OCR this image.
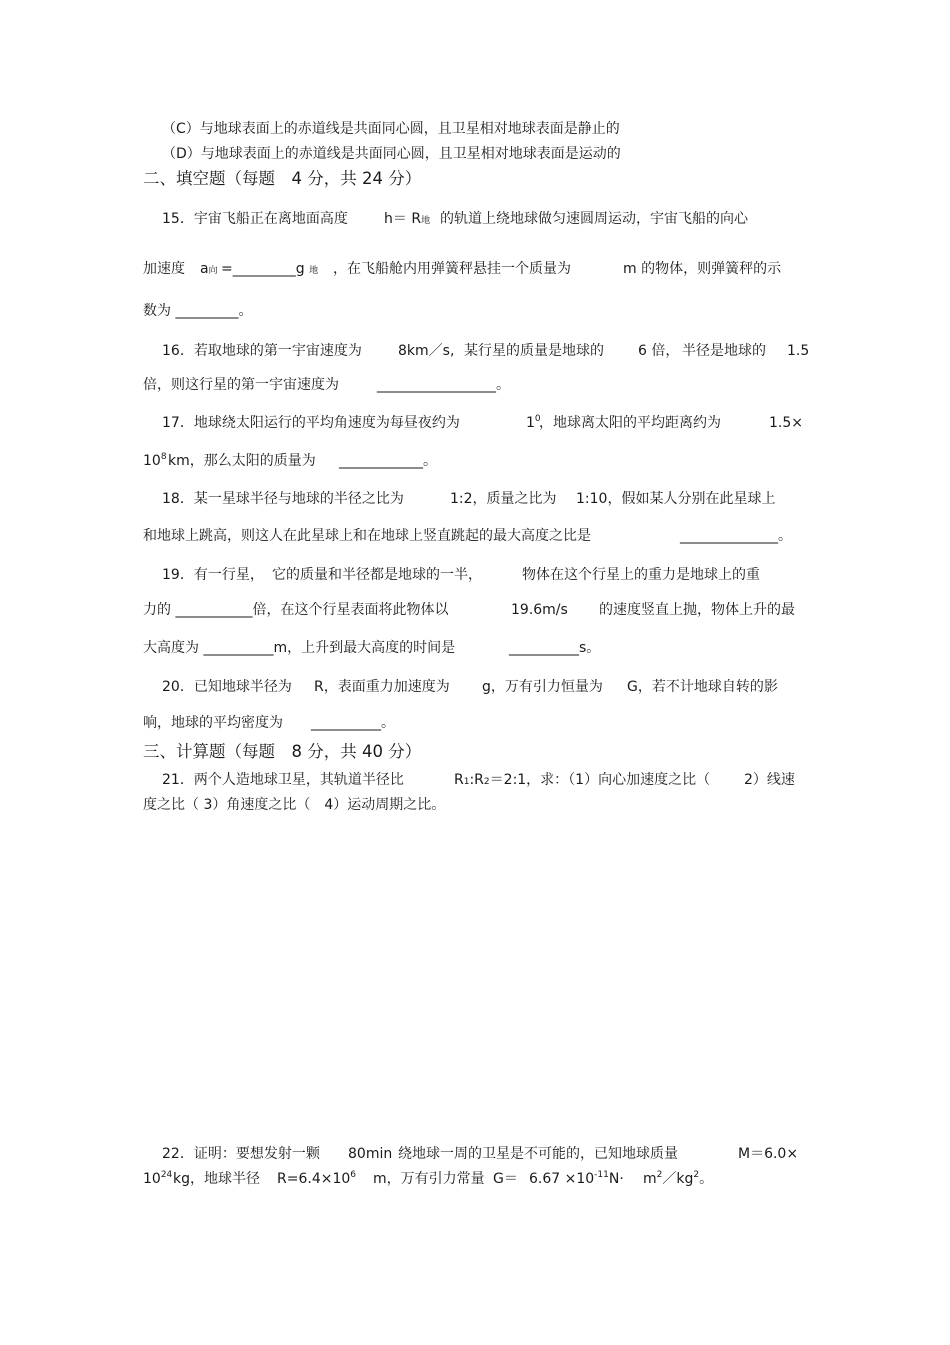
（C）与地球表面上的赤道线是共面同心圆，且卫星相对地球表面是静止的
（D）与地球表面上的赤道线是共面同心圆，且卫星相对地球表面是运动的
二、填空题（每题　4 分，共 24 分）
15．宇宙飞船正在离地面高度	h＝ R地 的轨道上绕地球做匀速圆周运动，宇宙飞船的向心
加速度 a向 =_________g 地 ，在飞船舱内用弹簧秤悬挂一个质量为	m 的物体，则弹簧秤的示
数为 _________。
16．若取地球的第一宇宙速度为	8km／s, 某行星的质量是地球的 6 倍， 半径是地球的 1.5
倍，则这行星的第一宇宙速度为	_________________。
17．地球绕太阳运行的平均角速度为每昼夜约为	$1^0$
，地球离太阳的平均距离约为	1.5×
$10^8$ km，那么太阳的质量为 ____________。
18．某一星球半径与地球的半径之比为	1:2，质量之比为 1:10，假如某人分别在此星球上
和地球上跳高，则这人在此星球上和在地球上竖直跳起的最大高度之比是	______________。
19．有一行星， 它的质量和半径都是地球的一半，	物体在这个行星上的重力是地球上的重
力的 ___________倍，在这个行星表面将此物体以	19.6m/s 的速度竖直上抛，物体上升的最
大高度为 __________m，上升到最大高度的时间是	__________s。
20．已知地球半径为 R，表面重力加速度为 g，万有引力恒量为 G，若不计地球自转的影
响，地球的平均密度为 __________。
三、计算题（每题　8 分，共 40 分）
21．两个人造地球卫星，其轨道半径比	R1:R2＝2:1，求：（1）向心加速度之比（ 2）线速
度之比（ 3）角速度之比（　4）运动周期之比。
22．证明：要想发射一颗 80min 绕地球一周的卫星是不可能的，已知地球质量	M＝6.0×
$10^{24}$ kg，地球半径 $R=6.4\times 10^6$ m，万有引力常量 $G= 6.67 \times 10^{-11}N\cdot$ $m^2/kg^2$。
